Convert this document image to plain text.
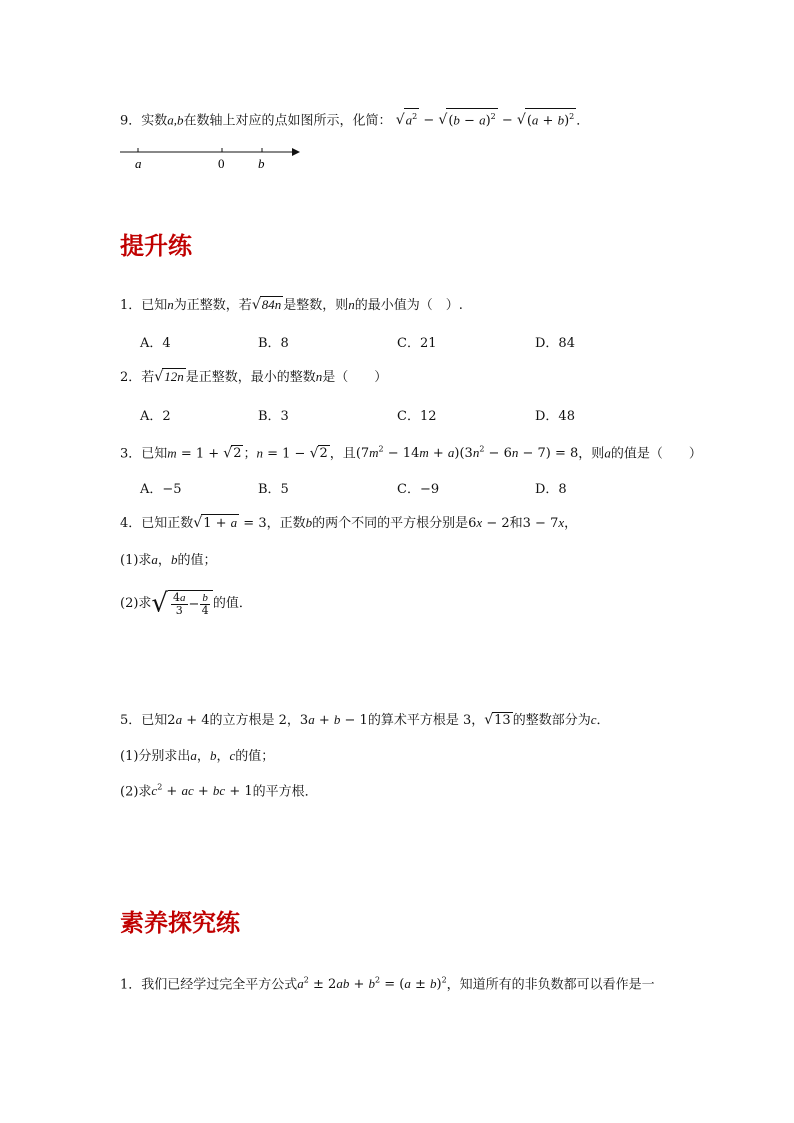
9．实数a,b在数轴上对应的点如图所示，化简： $√a^2 - √(b - a)^2 - √(a + b)^2$ ．
a	0	b
提升练
1．已知n为正整数，若√84n 是整数，则n的最小值为（　）.
A．4	B．8	C．21	D．84
2．若√12n 是正整数，最小的整数n是（　　）
A．2	B．3	C．12	D．48
3．已知m = 1 + √2 ；n = 1 − √2 ，且$(7m^2 - 14m + a)(3n^2 - 6n - 7) = 8$，则a的值是（　　）
A．−5	B．5	C．−9	D．8
4．已知正数√1 + a = 3，正数b的两个不同的平方根分别是6x − 2和3 − 7x，
(1)求a，b的值；
(2)求√ $\frac{4a}{3} - \frac{b}{4}$ 的值．
5．已知2a + 4的立方根是 2，3a + b − 1的算术平方根是 3，√13 的整数部分为c．
(1)分别求出a，b，c的值；
(2)求$c^2$ + ac + bc + 1的平方根．
素养探究练
1．我们已经学过完全平方公式$a^2 \pm 2ab + b^2 = (a \pm b)^2$，知道所有的非负数都可以看作是一
